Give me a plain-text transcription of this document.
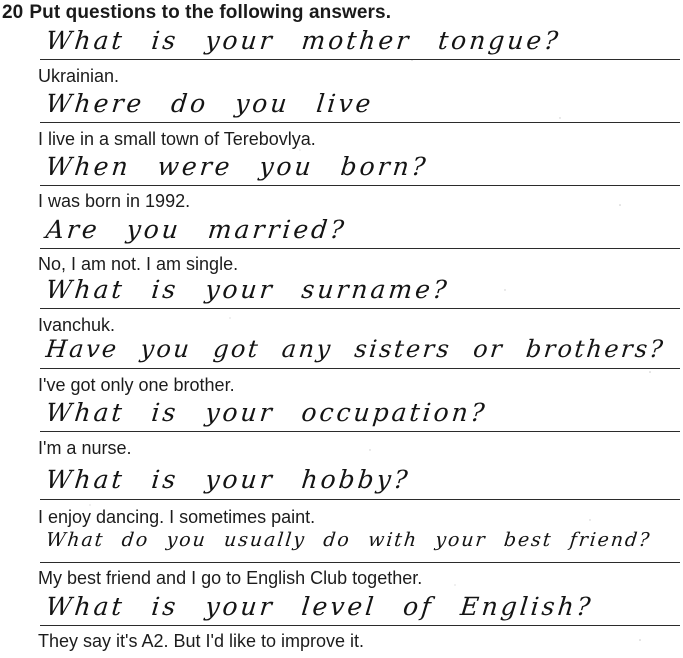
20 Put questions to the following answers.
What is your mother tongue?
Ukrainian.
Where do you live
I live in a small town of Terebovlya.
When were you born?
I was born in 1992.
Are you married?
No, I am not. I am single.
What is your surname?
Ivanchuk.
Have you got any sisters or brothers?
I've got only one brother.
What is your occupation?
I'm a nurse.
What is your hobby?
I enjoy dancing. I sometimes paint.
What do you usually do with your best friend?
My best friend and I go to English Club together.
What is your level of English?
They say it's A2. But I'd like to improve it.
